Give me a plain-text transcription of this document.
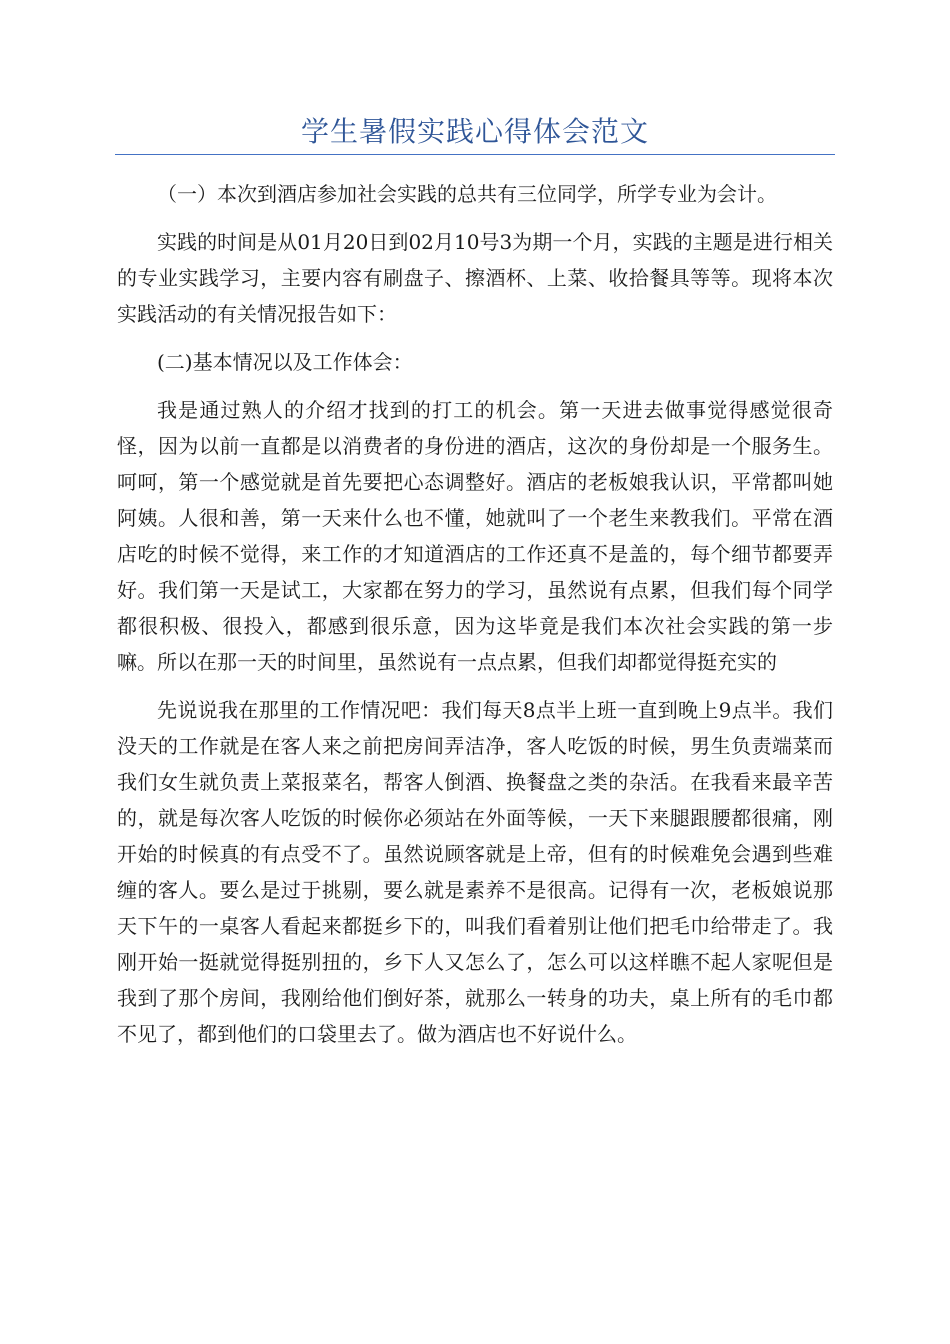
学生暑假实践心得体会范文

（一）本次到酒店参加社会实践的总共有三位同学，所学专业为会计。

实践的时间是从01月20日到02月10号3为期一个月，实践的主题是进行相关的专业实践学习，主要内容有刷盘子、擦酒杯、上菜、收拾餐具等等。现将本次实践活动的有关情况报告如下：

(二)基本情况以及工作体会：

我是通过熟人的介绍才找到的打工的机会。第一天进去做事觉得感觉很奇怪，因为以前一直都是以消费者的身份进的酒店，这次的身份却是一个服务生。呵呵，第一个感觉就是首先要把心态调整好。酒店的老板娘我认识，平常都叫她阿姨。人很和善，第一天来什么也不懂，她就叫了一个老生来教我们。平常在酒店吃的时候不觉得，来工作的才知道酒店的工作还真不是盖的，每个细节都要弄好。我们第一天是试工，大家都在努力的学习，虽然说有点累，但我们每个同学都很积极、很投入，都感到很乐意，因为这毕竟是我们本次社会实践的第一步嘛。所以在那一天的时间里，虽然说有一点点累，但我们却都觉得挺充实的

先说说我在那里的工作情况吧：我们每天8点半上班一直到晚上9点半。我们没天的工作就是在客人来之前把房间弄洁净，客人吃饭的时候，男生负责端菜而我们女生就负责上菜报菜名，帮客人倒酒、换餐盘之类的杂活。在我看来最辛苦的，就是每次客人吃饭的时候你必须站在外面等候，一天下来腿跟腰都很痛，刚开始的时候真的有点受不了。虽然说顾客就是上帝，但有的时候难免会遇到些难缠的客人。要么是过于挑剔，要么就是素养不是很高。记得有一次，老板娘说那天下午的一桌客人看起来都挺乡下的，叫我们看着别让他们把毛巾给带走了。我刚开始一挺就觉得挺别扭的，乡下人又怎么了，怎么可以这样瞧不起人家呢但是我到了那个房间，我刚给他们倒好茶，就那么一转身的功夫，桌上所有的毛巾都不见了，都到他们的口袋里去了。做为酒店也不好说什么。
